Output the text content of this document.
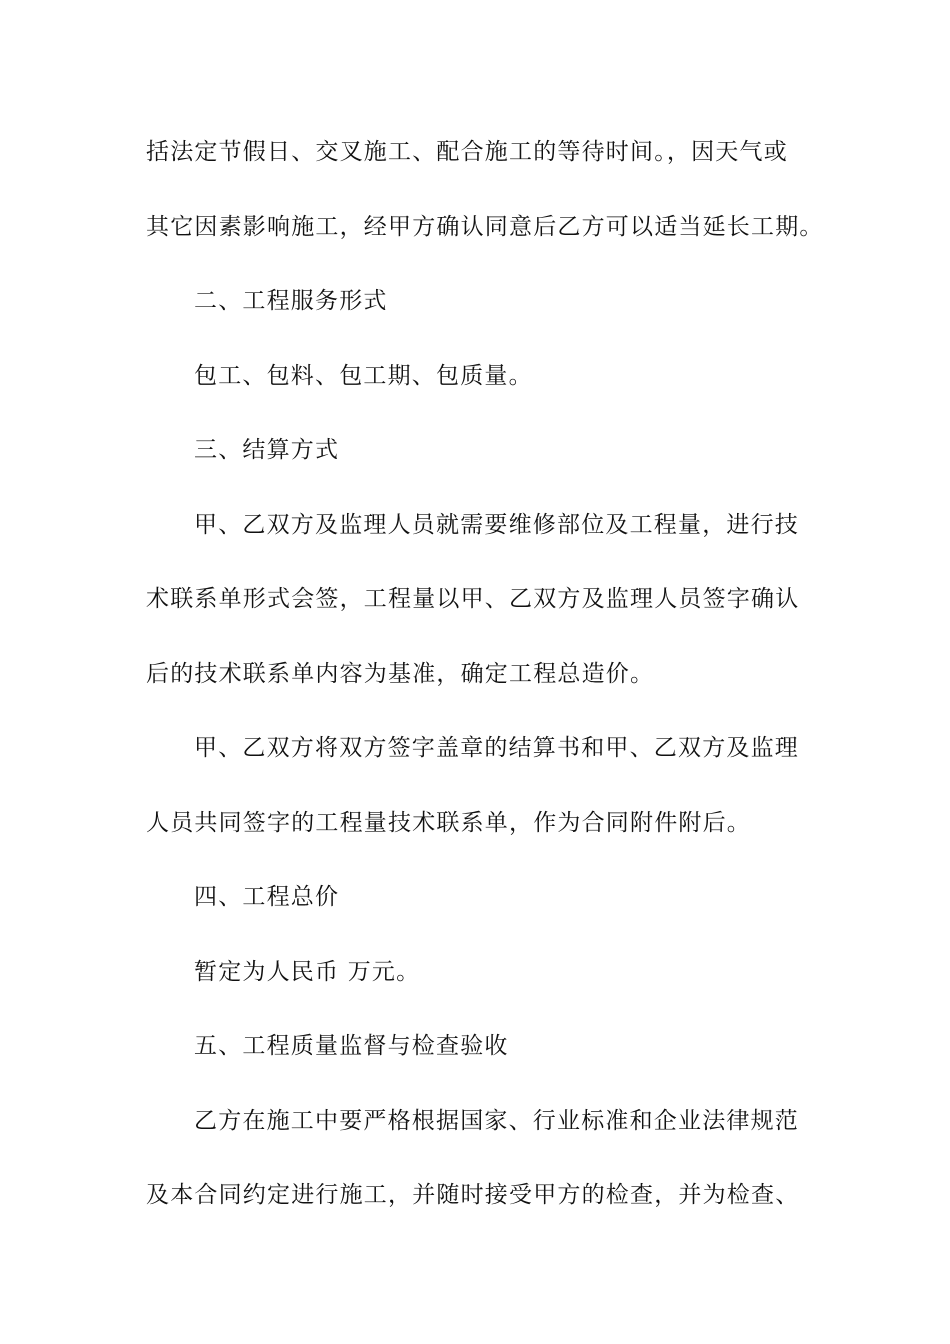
括法定节假日、交叉施工、配合施工的等待时间。，因天气或
其它因素影响施工，经甲方确认同意后乙方可以适当延长工期。
二、工程服务形式
包工、包料、包工期、包质量。
三、结算方式
甲、乙双方及监理人员就需要维修部位及工程量，进行技
术联系单形式会签，工程量以甲、乙双方及监理人员签字确认
后的技术联系单内容为基准，确定工程总造价。
甲、乙双方将双方签字盖章的结算书和甲、乙双方及监理
人员共同签字的工程量技术联系单，作为合同附件附后。
四、工程总价
暂定为人民币 万元。
五、工程质量监督与检查验收
乙方在施工中要严格根据国家、行业标准和企业法律规范
及本合同约定进行施工，并随时接受甲方的检查，并为检查、
